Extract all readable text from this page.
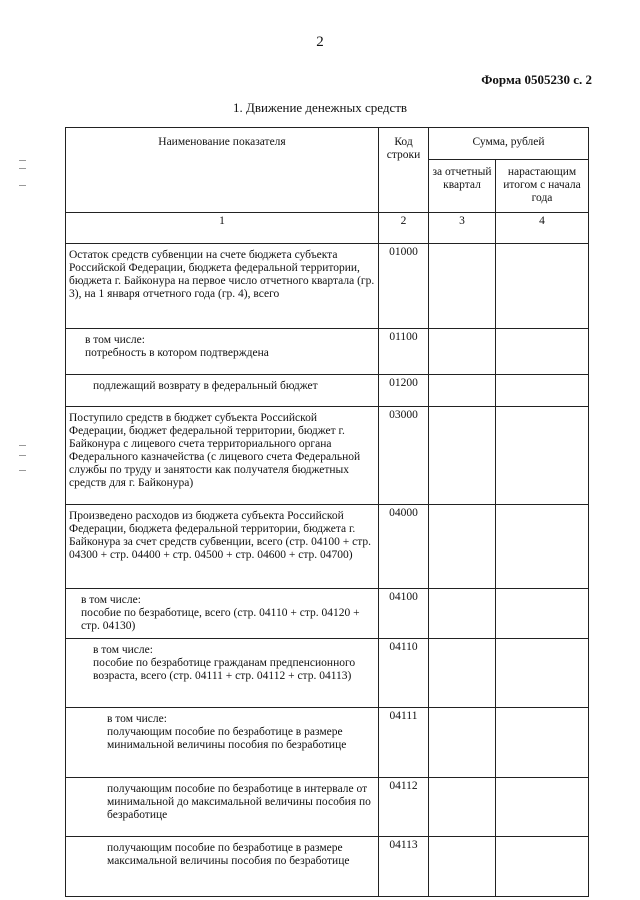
2
Форма 0505230 с. 2
1. Движение денежных средств
Наименование показателя	Код строки	Сумма, рублей	
		за отчетный квартал	нарастающим итогом с начала года
1	2	3	4

Остаток средств субвенции на счете бюджета субъекта Российской Федерации, бюджета федеральной территории, бюджета г. Байконура на первое число отчетного квартала (гр. 3), на 1 января отчетного года (гр. 4), всего	01000		

в том числе:
потребность в котором подтверждена	01100		

подлежащий возврату в федеральный бюджет	01200		

Поступило средств в бюджет субъекта Российской Федерации, бюджет федеральной территории, бюджет г. Байконура с лицевого счета территориального органа Федерального казначейства (с лицевого счета Федеральной службы по труду и занятости как получателя бюджетных средств для г. Байконура)	03000		

Произведено расходов из бюджета субъекта Российской Федерации, бюджета федеральной территории, бюджета г. Байконура за счет средств субвенции, всего (стр. 04100 + стр. 04300 + стр. 04400 + стр. 04500 + стр. 04600 + стр. 04700)	04000		

в том числе:
пособие по безработице, всего (стр. 04110 + стр. 04120 + стр. 04130)	04100		

в том числе:
пособие по безработице гражданам предпенсионного возраста, всего (стр. 04111 + стр. 04112 + стр. 04113)	04110		

в том числе:
получающим пособие по безработице в размере минимальной величины пособия по безработице	04111		

получающим пособие по безработице в интервале от минимальной до максимальной величины пособия по безработице	04112		

получающим пособие по безработице в размере максимальной величины пособия по безработице	04113		
